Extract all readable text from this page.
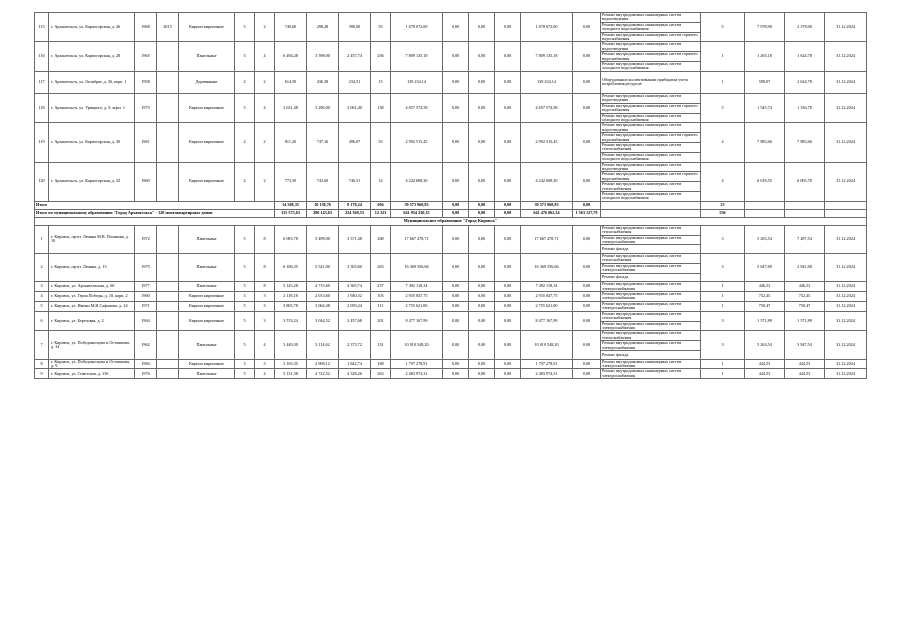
115	г. Архангельск, ул. Карпогорская, д. 26	1968	2015	Кирпич кирпичные	5	2	749,60	298,28	390,00	35	1 678 072,00	0,00	0,00	0,00	1 678 072,00	0,00	Ремонт внутридомовых инженерных систем водоотведения	5	7 978,90	2 378,00	31.12.2024
																	Ремонт внутридомовых инженерных систем холодного водоснабжения				
																	Ремонт внутридомовых инженерных систем горячего водоснабжения				
116	г. Архангельск, ул. Карпогорская, д. 28	1965		Панельные	5	4	6 494,28	3 598,00	2 457,74	236	7 809 135,18	0,00	0,00	0,00	7 809 135,18	0,00	Ремонт внутридомовых инженерных систем водоотведения	1	1 265,18	1 624,78	31.12.2024
																	Ремонт внутридомовых инженерных систем горячего водоснабжения				
																	Ремонт внутридомовых инженерных систем холодного водоснабжения				
117	г. Архангельск, ул. Октябрят, д. 36, корп. 1	1958		Деревянные	2	2	614,50	436,38	234,51	15	139 234,14	0,00	0,00	0,00	139 234,14	0,00	Оборудование коллективными приборами учета потребления ресурсов	1	590,07	2 624,78	31.12.2024
118	г. Архангельск, ул. Урицкого, д. 9, корп. 1	1975		Кирпич кирпичные	5	4	3 631,48	3 296,00	3 061,40	138	4 657 574,58	0,00	0,00	0,00	4 657 574,58	0,00	Ремонт внутридомовых инженерных систем водоотведения	5	1 545,74	1 336,78	31.12.2024
																	Ремонт внутридомовых инженерных систем горячего водоснабжения				
																	Ремонт внутридомовых инженерных систем холодного водоснабжения				
119	г. Архангельск, ул. Карпогорская, д. 30	1961		Кирпич кирпичные	2	2	811,20	747,16	496,07	35	2 992 515,45	0,00	0,00	0,00	2 992 515,45	0,00	Ремонт внутридомовых инженерных систем водоотведения	4	7 983,66	7 983,66	31.12.2024
																	Ремонт внутридомовых инженерных систем горячего водоснабжения				
																	Ремонт внутридомовых инженерных систем теплоснабжения				
																	Ремонт внутридомовых инженерных систем холодного водоснабжения				
120	г. Архангельск, ул. Карпогорская, д. 32	1960		Кирпич кирпичные	2	2	773,50	743,60	746,51	14	4 242 608,30	0,00	0,00	0,00	4 242 608,30	0,00	Ремонт внутридомовых инженерных систем водоотведения	4	6 018,55	6 003,78	31.12.2024
																	Ремонт внутридомовых инженерных систем горячего водоснабжения				
																	Ремонт внутридомовых инженерных систем теплоснабжения				
																	Ремонт внутридомовых инженерных систем холодного водоснабжения				
Итого							14 568,35	10 138,76	8 178,24	694	39 573 968,83	0,00	0,00	0,00	39 573 968,83	0,00		23			
Итого по муниципальному образованию "Город Архангельск" - 120 многоквартирных домов							315 575,63	280 143,63	224 368,53	12 323	641 954 230,35	0,00	0,00	0,00	641 476 862,34	1 563 127,79		556			
Муниципальное образование "Город Кировск"																					
1	г. Кировск, пр-кт. Ленина М.В. Полякова, д. 10	1972		Панельные	5	8	6 083,78	5 498,00	3 371,48	268	17 667 478,71	0,00	0,00	0,00	17 667 478,71	0,00	Ремонт внутридомовых инженерных систем теплоснабжения	3	5 263,54	7 287,54	31.12.2024
																	Ремонт внутридомовых инженерных систем электроснабжения				
																	Ремонт фасада				
2	г. Кировск, пр-кт. Ленина, д. 15	1975		Панельные	5	8	6 106,35	5 521,00	3 303,60	263	16 369 356,66	0,00	0,00	0,00	16 369 356,66	0,00	Ремонт внутридомовых инженерных систем теплоснабжения	3	5 047,69	2 941,68	31.12.2024
																	Ремонт внутридомовых инженерных систем электроснабжения				
																	Ремонт фасада				
3	г. Кировск, ул. Архангельская, д. 60	1977		Панельные	5	8	5 145,28	4 715,60	4 365,74	257	7 492 118,34	0,00	0,00	0,00	7 492 118,34	0,00	Ремонт внутридомовых инженерных систем электроснабжения	1	446,53	446,53	31.12.2024
4	г. Кировск, ул. Героя Победы, д. 10, корп. 2	1960		Кирпич кирпичные	3	3	2 118,18	2 013,60	1 940,32	103	2 935 847,75	0,00	0,00	0,00	2 935 847,75	0,00	Ремонт внутридомовых инженерных систем электроснабжения	1	752,45	752,45	31.12.2024
5	г. Кировск, ул. Имени М.И.Сафонова, д. 24	1971		Кирпич кирпичные	5	3	3 865,78	3 064,48	2 059,24	111	2 755 621,00	0,00	0,00	0,00	2 755 621,00	0,00	Ремонт внутридомовых инженерных систем электроснабжения	1	750,47	750,47	31.12.2024
6	г. Кировск, ул. Березовая, д. 2	1964		Кирпич кирпичные	5	3	3 574,24	3 044,52	2 457,68	201	8 477 167,99	0,00	0,00	0,00	8 477 167,99	0,00	Ремонт внутридомовых инженерных систем теплоснабжения	3	1 571,89	1 571,89	31.12.2024
																	Ремонт внутридомовых инженерных систем электроснабжения				
7	г. Кировск, ул. Победоносцева и Осташкова, д. 34	1962		Панельные	5	4	3 449,30	3 114,62	2 373,72	131	10 010 548,20	0,00	0,00	0,00	10 010 548,20	0,00	Ремонт внутридомовых инженерных систем теплоснабжения	3	5 263,54	3 947,54	31.12.2024
																	Ремонт внутридомовых инженерных систем электроснабжения				
																	Ремонт фасада				
8	г. Кировск, ул. Победоносцева и Осташкова, д. 9	1984		Кирпич кирпичные	3	3	3 165,35	2 908,12	1 842,74	168	1 797 278,91	0,00	0,00	0,00	1 797 278,91	0,00	Ремонт внутридомовых инженерных систем электроснабжения	1	444,53	444,53	31.12.2024
9	г. Кировск, ул. Советская, д. 13б	1976		Панельные	5	4	5 151,38	4 722,52	4 328,26	263	2 483 974,31	0,00	0,00	0,00	2 483 974,31	0,00	Ремонт внутридомовых инженерных систем электроснабжения	1	444,53	444,53	31.12.2024
